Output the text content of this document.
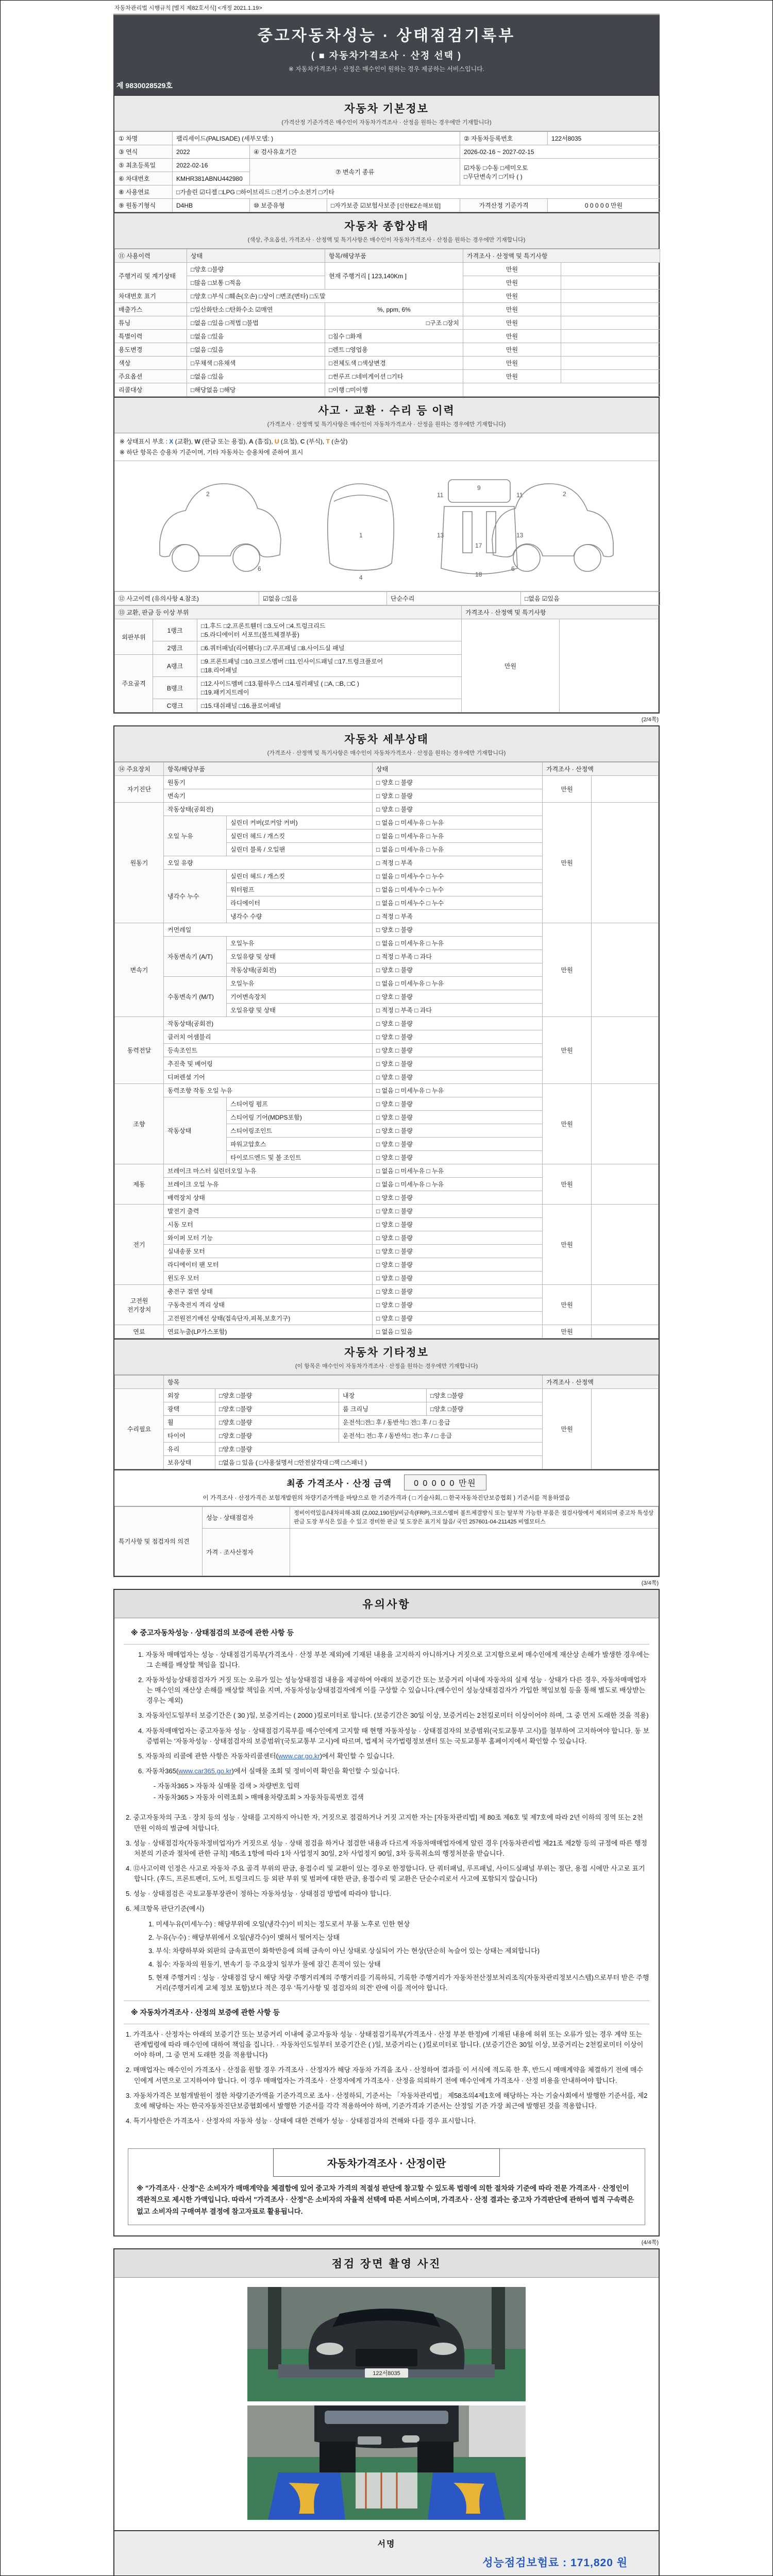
자동차관리법 시행규칙 [별지 제82호서식] <개정 2021.1.19>
중고자동차성능 · 상태점검기록부
( ■ 자동차가격조사 · 산정 선택 )
※ 자동차가격조사 · 산정은 매수인이 원하는 경우 제공하는 서비스입니다.
제 9830028529호
자동차 기본정보
(가격산정 기준가격은 매수인이 자동차가격조사 · 산정을 원하는 경우에만 기재합니다)
① 차명	팰리세이드(PALISADE) (세부모델: )			② 자동차등록번호	122서8035
③ 연식	2022	④ 검사유효기간		2026-02-16 ~ 2027-02-15	
⑤ 최초등록일	2022-02-16	⑦ 변속기 종류		☑자동 □수동 □세미오토
□무단변속기 □기타 ( )	

⑥ 차대번호	KMHR381ABNU442980				
⑧ 사용연료	□가솔린 ☑디젤 □LPG □하이브리드 □전기 □수소전기 □기타				
⑨ 원동기형식	D4HB	⑩ 보증유형	□자가보증 ☑보험사보증 [신한EZ손해보험]	가격산정 기준가격	0 0 0 0 0 만원
자동차 종합상태
(색상, 주요옵션, 가격조사 · 산정액 및 특기사항은 매수인이 자동차가격조사 · 산정을 원하는 경우에만 기재합니다)
⑪ 사용이력	상태	항목/해당부품	가격조사 · 산정액 및 특기사항	
주행거리 및 계기상태	□양호 □불량	현재 주행거리 [ 123,140Km ]	만원	
	□많음 □보통 □적음		만원	
차대번호 표기	□양호 □부식 □훼손(오손) □상이 □변조(변타) □도말		만원	
배출가스	□일산화탄소 □탄화수소 ☑매연	%, ppm, 6%	만원	
튜닝	□없음 □있음 □적법 □불법	□구조 □장치	만원	
특별이력	□없음 □있음	□침수 □화재	만원	
용도변경	□없음 □있음	□렌트 □영업용	만원	
색상	□무채색 □유채색	□전체도색 □색상변경	만원	
주요옵션	□없음 □있음	□썬루프 □네비게이션 □기타	만원	
리콜대상	□해당없음 □해당	□이행 □미이행		
사고 · 교환 · 수리 등 이력
(가격조사 · 산정액 및 특기사항은 매수인이 자동차가격조사 · 산정을 원하는 경우에만 기재합니다)
※ 상태표시 부호 : X (교환), W (판금 또는 용접), A (흠집), U (요철), C (부식), T (손상)
※ 하단 항목은 승용차 기준이며, 기타 자동차는 승용차에 준하여 표시
2
6
1
4
11	11
9
13	13
17
18
2
6
⑫ 사고이력 (유의사항 4.참조)	☑없음 □있음	단순수리	□없음 ☑있음
⑬ 교환, 판금 등 이상 부위			가격조사 · 산정액 및 특기사항	
외판부위	1랭크	□1.후드 □2.프론트휀더 □3.도어 □4.트렁크리드
□5.라디에이터 서포트(볼트체결부품)	만원	
	2랭크	□6.쿼터패널(리어휀다) □7.루프패널 □8.사이드실 패널		
주요골격	A랭크	□9.프론트패널 □10.크로스멤버 □11.인사이드패널 □17.트렁크플로어
□18.리어패널		

	B랭크	□12.사이드멤버 □13.휠하우스 □14.필러패널 ( □A, □B, □C )
□19.패키지트레이		

	C랭크	□15.대쉬패널 □16.플로어패널		
(2/4쪽)
자동차 세부상태
(가격조사 · 산정액 및 특기사항은 매수인이 자동차가격조사 · 산정을 원하는 경우에만 기재합니다)
⑭ 주요장치	항목/해당부품		상태	가격조사 · 산정액	
자기진단	원동기		□ 양호 □ 불량	만원	
	변속기		□ 양호 □ 불량		
원동기	작동상태(공회전)		□ 양호 □ 불량	만원	
	오일 누유	실린더 커버(로커암 커버)	□ 없음 □ 미세누유 □ 누유		
		실린더 헤드 / 개스킷	□ 없음 □ 미세누유 □ 누유		
		실린더 블록 / 오일팬	□ 없음 □ 미세누유 □ 누유		
	오일 유량		□ 적정 □ 부족		
	냉각수 누수	실린더 헤드 / 개스킷	□ 없음 □ 미세누수 □ 누수		
		워터펌프	□ 없음 □ 미세누수 □ 누수		
		라디에이터	□ 없음 □ 미세누수 □ 누수		
		냉각수 수량	□ 적정 □ 부족		
변속기	커먼레일		□ 양호 □ 불량	만원	
	자동변속기 (A/T)	오일누유	□ 없음 □ 미세누유 □ 누유		
		오일유량 및 상태	□ 적정 □ 부족 □ 과다		
		작동상태(공회전)	□ 양호 □ 불량		
	수동변속기 (M/T)	오일누유	□ 없음 □ 미세누유 □ 누유		
		기어변속장치	□ 양호 □ 불량		
		오일유량 및 상태	□ 적정 □ 부족 □ 과다		
동력전달	작동상태(공회전)		□ 양호 □ 불량	만원	
	클러치 어셈블리		□ 양호 □ 불량		
	등속조인트		□ 양호 □ 불량		
	추진축 및 베어링		□ 양호 □ 불량		
	디퍼렌셜 기어		□ 양호 □ 불량		
조향	동력조향 작동 오일 누유		□ 없음 □ 미세누유 □ 누유	만원	
	작동상태	스티어링 펌프	□ 양호 □ 불량		
		스티어링 기어(MDPS포함)	□ 양호 □ 불량		
		스티어링조인트	□ 양호 □ 불량		
		파워고압호스	□ 양호 □ 불량		
		타이로드엔드 및 볼 조인트	□ 양호 □ 불량		
제동	브레이크 마스터 실린더오일 누유		□ 없음 □ 미세누유 □ 누유	만원	
	브레이크 오일 누유		□ 없음 □ 미세누유 □ 누유		
	배력장치 상태		□ 양호 □ 불량		
전기	발전기 출력		□ 양호 □ 불량	만원	
	시동 모터		□ 양호 □ 불량		
	와이퍼 모터 기능		□ 양호 □ 불량		
	실내송풍 모터		□ 양호 □ 불량		
	라디에이터 팬 모터		□ 양호 □ 불량		
	윈도우 모터		□ 양호 □ 불량		
고전원 전기장치	충전구 절연 상태		□ 양호 □ 불량	만원	
	구동축전지 격리 상태		□ 양호 □ 불량		
	고전원전기배선 상태(접속단자,피복,보호기구)		□ 양호 □ 불량		
연료	연료누출(LP가스포함)		□ 없음 □ 있음	만원	
자동차 기타정보
(이 항목은 매수인이 자동차가격조사 · 산정을 원하는 경우에만 기재합니다)
	항목				가격조사 · 산정액	
수리필요	외장	□양호 □불량	내장	□양호 □불량	만원	
	광택	□양호 □불량	룸 크리닝	□양호 □불량		
	휠	□양호 □불량	운전석□전□ 후 / 동반석□ 전□ 후 / □ 응급			
	타이어	□양호 □불량	운전석□ 전□ 후 / 동반석□ 전□ 후 / □ 응급			
	유리	□양호 □불량				
	보유상태	□없음 □ 있음 ( □사용설명서 □안전삼각대 □잭 □스패너 )				
최종 가격조사 · 산정 금액	0 0 0 0 0 만원
이 가격조사 · 산정가격은 보험개발원의 차량기준가액을 바탕으로 한 기준가격과 ( □ 기술사회, □ 한국자동차진단보증협회 ) 기준서를 적용하였음
특기사항 및 점검자의 의견	성능 · 상태점검자	정비이력있음/내차피해-3회 (2,002,190원)/비금속(FRP),크로스멤버 볼트체결방식 또는 탈부착 가능한 부품은 점검사항에서 제외되며 중고차 특성상 판금 도장 부식은 있을 수 있고 경미한 판금 및 도장은 표기치 않음/ 국민 257601-04-211425 비엠모터스
	가격 · 조사산정자	
(3/4쪽)
유의사항
※ 중고자동차성능 · 상태점검의 보증에 관한 사항 등
1. 자동차 매매업자는 성능 · 상태점검기록부(가격조사 · 산정 부분 제외)에 기재된 내용을 고지하지 아니하거나 거짓으로 고지함으로써 매수인에게 재산상 손해가 발생한 경우에는 그 손해를 배상할 책임을 집니다.
2. 자동차성능상태점검자가 거짓 또는 오류가 있는 성능상태점검 내용을 제공하여 아래의 보증기간 또는 보증거리 이내에 자동차의 실제 성능 · 상태가 다른 경우, 자동차매매업자는 매수인의 재산상 손해를 배상할 책임을 지며, 자동차성능상태점검자에게 이를 구상할 수 있습니다.(매수인이 성능상태점검자가 가입한 책임보험 등을 통해 별도로 배상받는 경우는 제외)
3. 자동차인도일부터 보증기간은 ( 30 )일, 보증거리는 ( 2000 )킬로미터로 합니다. (보증기간은 30일 이상, 보증거리는 2천킬로미터 이상이어야 하며, 그 중 먼저 도래한 것을 적용)
4. 자동차매매업자는 중고자동차 성능 · 상태점검기록부를 매수인에게 고지할 때 현행 자동차성능 · 상태점검자의 보증범위(국토교통부 고시)를 첨부하여 고지하여야 합니다. 동 보증범위는 '자동차성능 · 상태점검자의 보증범위'(국토교통부 고시)에 따르며, 법제처 국가법령정보센터 또는 국토교통부 홈페이지에서 확인할 수 있습니다.
5. 자동차의 리콜에 관한 사항은 자동차리콜센터(www.car.go.kr)에서 확인할 수 있습니다.
6. 자동차365(www.car365.go.kr)에서 실매물 조회 및 정비이력 확인을 확인할 수 있습니다.
- 자동차365 > 자동차 실매물 검색 > 차량번호 입력
- 자동차365 > 자동차 이력조회 > 매매용차량조회 > 자동차등록번호 검색
2. 중고자동차의 구조 · 장치 등의 성능 · 상태를 고지하지 아니한 자, 거짓으로 점검하거나 거짓 고지한 자는 [자동차관리법] 제 80조 제6호 및 제7호에 따라 2년 이하의 징역 또는 2천만원 이하의 벌금에 처합니다.
3. 성능 · 상태점검자(자동차정비업자)가 거짓으로 성능 · 상태 점검을 하거나 점검한 내용과 다르게 자동차매매업자에게 알린 경우 [자동차관리법 제21조 제2항 등의 규정에 따른 행정처분의 기준과 절차에 관한 규칙] 제5조 1항에 따라 1차 사업정지 30일, 2차 사업정지 90일, 3차 등록취소의 행정처분을 받습니다.
4. ⑫사고이력 인정은 사고로 자동차 주요 골격 부위의 판금, 용접수리 및 교환이 있는 경우로 한정합니다. 단 쿼터패널, 루프패널, 사이드실패널 부위는 절단, 용접 시에만 사고로 표기합니다. (후드, 프론트펜더, 도어, 트렁크리드 등 외판 부위 및 범퍼에 대한 판금, 용접수리 및 교환은 단순수리로서 사고에 포함되지 않습니다)
5. 성능 · 상태점검은 국토교통부장관이 정하는 자동차성능 · 상태점검 방법에 따라야 합니다.
6. 체크항목 판단기준(예시)
1. 미세누유(미세누수) : 해당부위에 오일(냉각수)이 비치는 정도로서 부품 노후로 인한 현상
2. 누유(누수) : 해당부위에서 오일(냉각수)이 맺혀서 떨어지는 상태
3. 부식: 차량하부와 외판의 금속표면이 화학반응에 의해 금속이 아닌 상태로 상실되어 가는 현상(단순히 녹슬어 있는 상태는 제외합니다)
4. 침수: 자동차의 원동기, 변속기 등 주요장치 일부가 물에 잠긴 흔적이 있는 상태
5. 현재 주행거리 : 성능 · 상태점검 당시 해당 차량 주행거리계의 주행거리를 기록하되, 기록한 주행거리가 자동차전산정보처리조직(자동차관리정보시스템)으로부터 받은 주행거리(주행거리계 교체 정보 포함)보다 적은 경우 '특기사항 및 점검자의 의견' 란에 이를 적어야 합니다.
※ 자동차가격조사 · 산정의 보증에 관한 사항 등
1. 가격조사 · 산정자는 아래의 보증기간 또는 보증거리 이내에 중고자동차 성능 · 상태점검기록부(가격조사 · 산정 부분 한정)에 기재된 내용에 허위 또는 오류가 있는 경우 계약 또는 관계법령에 따라 매수인에 대하여 책임을 집니다. · 자동차인도일부터 보증기간은 ( )일, 보증거리는 ( )킬로미터로 합니다. (보증기간은 30일 이상, 보증거리는 2천킬로미터 이상이어야 하며, 그 중 먼저 도래한 것을 적용합니다)
2. 매매업자는 매수인이 가격조사 · 산정을 원할 경우 가격조사 · 산정자가 해당 자동차 가격을 조사 · 산정하여 결과를 이 서식에 적도록 한 후, 반드시 매매계약을 체결하기 전에 매수인에게 서면으로 고지하여야 합니다. 이 경우 매매업자는 가격조사 · 산정자에게 가격조사 · 산정을 의뢰하기 전에 매수인에게 가격조사 · 산정 비용을 안내하여야 합니다.
3. 자동차가격은 보험개발원이 정한 차량기준가액을 기준가격으로 조사 · 산정하되, 기준서는 「자동차관리법」 제58조의4제1호에 해당하는 자는 기술사회에서 발행한 기준서를, 제2호에 해당하는 자는 한국자동차진단보증협회에서 발행한 기준서를 각각 적용하여야 하며, 기준가격과 기준서는 산정일 기준 가장 최근에 발행된 것을 적용합니다.
4. 특기사항란은 가격조사 · 산정자의 자동차 성능 · 상태에 대한 견해가 성능 · 상태점검자의 견해와 다를 경우 표시합니다.
자동차가격조사 · 산정이란
※ "가격조사 · 산정"은 소비자가 매매계약을 체결함에 있어 중고차 가격의 적절성 판단에 참고할 수 있도록 법령에 의한 절차와 기준에 따라 전문 가격조사 · 산정인이 객관적으로 제시한 가액입니다. 따라서 "가격조사 · 산정"은 소비자의 자율적 선택에 따른 서비스이며, 가격조사 · 산정 결과는 중고차 가격판단에 관하여 법적 구속력은 없고 소비자의 구매여부 결정에 참고자료로 활용됩니다.
(4/4쪽)
점검 장면 촬영 사진
122서8035
서명
성능점검보험료 : 171,820 원
